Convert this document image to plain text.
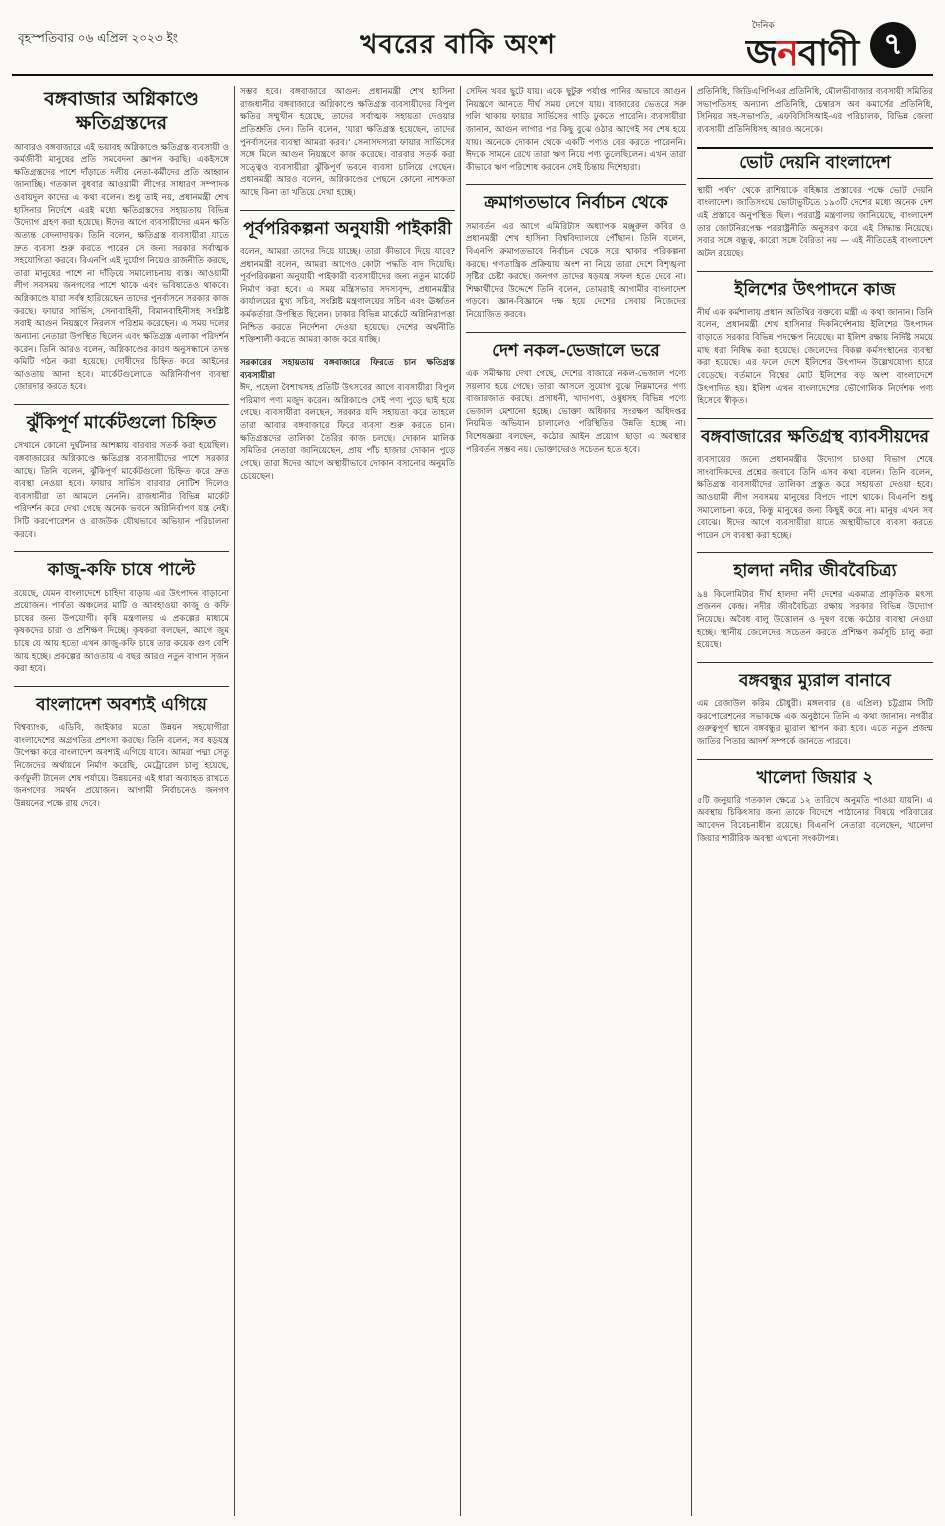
বৃহস্পতিবার ০৬ এপ্রিল ২০২৩ ইং	খবরের বাকি অংশ
দৈনিক
জনবাণী ৭
বঙ্গবাজার অগ্নিকাণ্ডে ক্ষতিগ্রস্তদের

আবারও বঙ্গবাজারে এই ভয়াবহ অগ্নিকাণ্ডে ক্ষতিগ্রস্ত ব্যবসায়ী ও কর্মজীবী মানুষের প্রতি সমবেদনা জ্ঞাপন করছি। একইসঙ্গে ক্ষতিগ্রস্তদের পাশে দাঁড়াতে দলীয় নেতা-কর্মীদের প্রতি আহ্বান জানাচ্ছি। গতকাল বুধবার আওয়ামী লীগের সাধারণ সম্পাদক ওবায়দুল কাদের এ কথা বলেন। শুধু তাই নয়, প্রধানমন্ত্রী শেখ হাসিনার নির্দেশে এরই মধ্যে ক্ষতিগ্রস্তদের সহায়তায় বিভিন্ন উদ্যোগ গ্রহণ করা হয়েছে। ঈদের আগে ব্যবসায়ীদের এমন ক্ষতি অত্যন্ত বেদনাদায়ক। তিনি বলেন, ক্ষতিগ্রস্ত ব্যবসায়ীরা যাতে দ্রুত ব্যবসা শুরু করতে পারেন সে জন্য সরকার সর্বাত্মক সহযোগিতা করবে। বিএনপি এই দুর্যোগ নিয়েও রাজনীতি করছে, তারা মানুষের পাশে না দাঁড়িয়ে সমালোচনায় ব্যস্ত। আওয়ামী লীগ সবসময় জনগণের পাশে থাকে এবং ভবিষ্যতেও থাকবে। অগ্নিকাণ্ডে যারা সর্বস্ব হারিয়েছেন তাদের পুনর্বাসনে সরকার কাজ করছে। ফায়ার সার্ভিস, সেনাবাহিনী, বিমানবাহিনীসহ সংশ্লিষ্ট সবাই আগুন নিয়ন্ত্রণে নিরলস পরিশ্রম করেছেন। এ সময় দলের অন্যান্য নেতারা উপস্থিত ছিলেন এবং ক্ষতিগ্রস্ত এলাকা পরিদর্শন করেন। তিনি আরও বলেন, অগ্নিকাণ্ডের কারণ অনুসন্ধানে তদন্ত কমিটি গঠন করা হয়েছে। দোষীদের চিহ্নিত করে আইনের আওতায় আনা হবে। মার্কেটগুলোতে অগ্নিনির্বাপণ ব্যবস্থা জোরদার করতে হবে।

ঝুঁকিপূর্ণ মার্কেটগুলো চিহ্নিত

সেখানে কোনো দুর্ঘটনার আশঙ্কায় বারবার সতর্ক করা হয়েছিল। বঙ্গবাজারের অগ্নিকাণ্ডে ক্ষতিগ্রস্ত ব্যবসায়ীদের পাশে সরকার আছে। তিনি বলেন, ঝুঁকিপূর্ণ মার্কেটগুলো চিহ্নিত করে দ্রুত ব্যবস্থা নেওয়া হবে। ফায়ার সার্ভিস বারবার নোটিশ দিলেও ব্যবসায়ীরা তা আমলে নেননি। রাজধানীর বিভিন্ন মার্কেট পরিদর্শন করে দেখা গেছে অনেক ভবনে অগ্নিনির্বাপণ যন্ত্র নেই। সিটি করপোরেশন ও রাজউক যৌথভাবে অভিযান পরিচালনা করবে।

কাজু-কফি চাষে পাল্টে

রয়েছে, যেমন বাংলাদেশে চাহিদা বাড়ায় এর উৎপাদন বাড়ানো প্রয়োজন। পার্বত্য অঞ্চলের মাটি ও আবহাওয়া কাজু ও কফি চাষের জন্য উপযোগী। কৃষি মন্ত্রণালয় এ প্রকল্পের মাধ্যমে কৃষকদের চারা ও প্রশিক্ষণ দিচ্ছে। কৃষকরা বলছেন, আগে জুম চাষে যে আয় হতো এখন কাজু-কফি চাষে তার কয়েক গুণ বেশি আয় হচ্ছে। প্রকল্পের আওতায় এ বছর আরও নতুন বাগান সৃজন করা হবে।

বাংলাদেশ অবশ্যই এগিয়ে

বিশ্বব্যাংক, এডিবি, জাইকার মতো উন্নয়ন সহযোগীরা বাংলাদেশের অগ্রগতির প্রশংসা করছে। তিনি বলেন, সব ষড়যন্ত্র উপেক্ষা করে বাংলাদেশ অবশ্যই এগিয়ে যাবে। আমরা পদ্মা সেতু নিজেদের অর্থায়নে নির্মাণ করেছি, মেট্রোরেল চালু হয়েছে, কর্ণফুলী টানেল শেষ পর্যায়ে। উন্নয়নের এই ধারা অব্যাহত রাখতে জনগণের সমর্থন প্রয়োজন। আগামী নির্বাচনেও জনগণ উন্নয়নের পক্ষে রায় দেবে।

সম্ভব হবে। বঙ্গবাজারে আগুন: প্রধানমন্ত্রী শেখ হাসিনা রাজধানীর বঙ্গবাজারে অগ্নিকাণ্ডে ক্ষতিগ্রস্ত ব্যবসায়ীদের বিপুল ক্ষতির সম্মুখীন হয়েছে, তাদের সর্বাত্মক সহায়তা দেওয়ার প্রতিশ্রুতি দেন। তিনি বলেন, ‘যারা ক্ষতিগ্রস্ত হয়েছেন, তাদের পুনর্বাসনের ব্যবস্থা আমরা করব।’ সেনাসদস্যরা ফায়ার সার্ভিসের সঙ্গে মিলে আগুন নিয়ন্ত্রণে কাজ করেছে। বারবার সতর্ক করা সত্ত্বেও ব্যবসায়ীরা ঝুঁকিপূর্ণ ভবনে ব্যবসা চালিয়ে গেছেন। প্রধানমন্ত্রী আরও বলেন, অগ্নিকাণ্ডের পেছনে কোনো নাশকতা আছে কিনা তা খতিয়ে দেখা হচ্ছে।

পূর্বপরিকল্পনা অনুযায়ী পাইকারী

বলেন, আমরা তাদের দিয়ে যাচ্ছে। তারা কীভাবে দিয়ে যাবে? প্রধানমন্ত্রী বলেন, আমরা আগেও কোটা পদ্ধতি বাদ দিয়েছি। পূর্বপরিকল্পনা অনুযায়ী পাইকারী ব্যবসায়ীদের জন্য নতুন মার্কেট নির্মাণ করা হবে। এ সময় মন্ত্রিসভার সদস্যবৃন্দ, প্রধানমন্ত্রীর কার্যালয়ের মুখ্য সচিব, সংশ্লিষ্ট মন্ত্রণালয়ের সচিব এবং ঊর্ধ্বতন কর্মকর্তারা উপস্থিত ছিলেন। ঢাকার বিভিন্ন মার্কেটে অগ্নিনিরাপত্তা নিশ্চিত করতে নির্দেশনা দেওয়া হয়েছে। দেশের অর্থনীতি শক্তিশালী করতে আমরা কাজ করে যাচ্ছি।

সরকারের সহায়তায় বঙ্গবাজারে ফিরতে চান ক্ষতিগ্রস্ত ব্যবসায়ীরা

ঈদ, পহেলা বৈশাখসহ প্রতিটি উৎসবের আগে ব্যবসায়ীরা বিপুল পরিমাণ পণ্য মজুদ করেন। অগ্নিকাণ্ডে সেই পণ্য পুড়ে ছাই হয়ে গেছে। ব্যবসায়ীরা বলছেন, সরকার যদি সহায়তা করে তাহলে তারা আবার বঙ্গবাজারে ফিরে ব্যবসা শুরু করতে চান। ক্ষতিগ্রস্তদের তালিকা তৈরির কাজ চলছে। দোকান মালিক সমিতির নেতারা জানিয়েছেন, প্রায় পাঁচ হাজার দোকান পুড়ে গেছে। তারা ঈদের আগে অস্থায়ীভাবে দোকান বসানোর অনুমতি চেয়েছেন।

সেদিন খবর ছুটে যায়। একে ছুটুরু পর্যাপ্ত পানির অভাবে আগুন নিয়ন্ত্রণে আনতে দীর্ঘ সময় লেগে যায়। বাজারের ভেতরে সরু গলি থাকায় ফায়ার সার্ভিসের গাড়ি ঢুকতে পারেনি। ব্যবসায়ীরা জানান, আগুন লাগার পর কিছু বুঝে ওঠার আগেই সব শেষ হয়ে যায়। অনেকে দোকান থেকে একটি পণ্যও বের করতে পারেননি। ঈদকে সামনে রেখে তারা ঋণ নিয়ে পণ্য তুলেছিলেন। এখন তারা কীভাবে ঋণ পরিশোধ করবেন সেই চিন্তায় দিশেহারা।

ক্রমাগতভাবে নির্বাচন থেকে

সমাবর্তন এর আগে এমিরিটাস অধ্যাপক মঞ্জুরুল কবির ও প্রধানমন্ত্রী শেখ হাসিনা বিশ্ববিদ্যালয়ে পৌঁছান। তিনি বলেন, বিএনপি ক্রমাগতভাবে নির্বাচন থেকে সরে থাকার পরিকল্পনা করছে। গণতান্ত্রিক প্রক্রিয়ায় অংশ না নিয়ে তারা দেশে বিশৃঙ্খলা সৃষ্টির চেষ্টা করছে। জনগণ তাদের ষড়যন্ত্র সফল হতে দেবে না। শিক্ষার্থীদের উদ্দেশে তিনি বলেন, তোমরাই আগামীর বাংলাদেশ গড়বে। জ্ঞান-বিজ্ঞানে দক্ষ হয়ে দেশের সেবায় নিজেদের নিয়োজিত করবে।

দেশ নকল-ভেজালে ভরে

এক সমীক্ষায় দেখা গেছে, দেশের বাজারে নকল-ভেজাল পণ্যে সয়লাব হয়ে গেছে। তারা আসলে সুযোগ বুঝে নিম্নমানের পণ্য বাজারজাত করছে। প্রসাধনী, খাদ্যপণ্য, ওষুধসহ বিভিন্ন পণ্যে ভেজাল মেশানো হচ্ছে। ভোক্তা অধিকার সংরক্ষণ অধিদপ্তর নিয়মিত অভিযান চালালেও পরিস্থিতির উন্নতি হচ্ছে না। বিশেষজ্ঞরা বলছেন, কঠোর আইন প্রয়োগ ছাড়া এ অবস্থার পরিবর্তন সম্ভব নয়। ভোক্তাদেরও সচেতন হতে হবে।

প্রতিনিধি, জিডিএপিপিএর প্রতিনিধি, মৌলভীবাজার ব্যবসায়ী সমিতির সভাপতিসহ অন্যান্য প্রতিনিধি, চেম্বারস অব কমার্সের প্রতিনিধি, সিনিয়র সহ-সভাপতি, এফবিসিসিআই-এর পরিচালক, বিভিন্ন জেলা ব্যবসায়ী প্রতিনিধিসহ আরও অনেকে।

ভোট দেয়নি বাংলাদেশ

স্থায়ী পর্ষদ’ থেকে রাশিয়াকে বহিষ্কার প্রস্তাবের পক্ষে ভোট দেয়নি বাংলাদেশ। জাতিসংঘে ভোটাভুটিতে ১৯৩টি দেশের মধ্যে অনেক দেশ এই প্রস্তাবে অনুপস্থিত ছিল। পররাষ্ট্র মন্ত্রণালয় জানিয়েছে, বাংলাদেশ তার জোটনিরপেক্ষ পররাষ্ট্রনীতি অনুসরণ করে এই সিদ্ধান্ত নিয়েছে। সবার সঙ্গে বন্ধুত্ব, কারো সঙ্গে বৈরিতা নয় — এই নীতিতেই বাংলাদেশ অটল রয়েছে।

ইলিশের উৎপাদনে কাজ

নীর্ঘ এক কর্মশালায় প্রধান অতিথির বক্তব্যে মন্ত্রী এ কথা জানান। তিনি বলেন, প্রধানমন্ত্রী শেখ হাসিনার দিকনির্দেশনায় ইলিশের উৎপাদন বাড়াতে সরকার বিভিন্ন পদক্ষেপ নিয়েছে। মা ইলিশ রক্ষায় নির্দিষ্ট সময়ে মাছ ধরা নিষিদ্ধ করা হয়েছে। জেলেদের বিকল্প কর্মসংস্থানের ব্যবস্থা করা হয়েছে। এর ফলে দেশে ইলিশের উৎপাদন উল্লেখযোগ্য হারে বেড়েছে। বর্তমানে বিশ্বের মোট ইলিশের বড় অংশ বাংলাদেশে উৎপাদিত হয়। ইলিশ এখন বাংলাদেশের ভৌগোলিক নির্দেশক পণ্য হিসেবে স্বীকৃত।

বঙ্গবাজারের ক্ষতিগ্রস্থ ব্যাবসীয়দের

ব্যবসায়ের জন্যে প্রধানমন্ত্রীর উদ্যোগ চাওয়া বিভাগ শেষে সাংবাদিকদের প্রশ্নের জবাবে তিনি এসব কথা বলেন। তিনি বলেন, ক্ষতিগ্রস্ত ব্যবসায়ীদের তালিকা প্রস্তুত করে সহায়তা দেওয়া হবে। আওয়ামী লীগ সবসময় মানুষের বিপদে পাশে থাকে। বিএনপি শুধু সমালোচনা করে, কিন্তু মানুষের জন্য কিছুই করে না। মানুষ এখন সব বোঝে। ঈদের আগে ব্যবসায়ীরা যাতে অস্থায়ীভাবে ব্যবসা করতে পারেন সে ব্যবস্থা করা হচ্ছে।

হালদা নদীর জীববৈচিত্র্য

৯৪ কিলোমিটার দীর্ঘ হালদা নদী দেশের একমাত্র প্রাকৃতিক মৎস্য প্রজনন কেন্দ্র। নদীর জীববৈচিত্র্য রক্ষায় সরকার বিভিন্ন উদ্যোগ নিয়েছে। অবৈধ বালু উত্তোলন ও দূষণ বন্ধে কঠোর ব্যবস্থা নেওয়া হচ্ছে। স্থানীয় জেলেদের সচেতন করতে প্রশিক্ষণ কর্মসূচি চালু করা হয়েছে।

বঙ্গবন্ধুর ম্যুরাল বানাবে

এম রেজাউল করিম চৌধুরী। মঙ্গলবার (৪ এপ্রিল) চট্টগ্রাম সিটি করপোরেশনের সভাকক্ষে এক অনুষ্ঠানে তিনি এ কথা জানান। নগরীর গুরুত্বপূর্ণ স্থানে বঙ্গবন্ধুর ম্যুরাল স্থাপন করা হবে। এতে নতুন প্রজন্ম জাতির পিতার আদর্শ সম্পর্কে জানতে পারবে।

খালেদা জিয়ার ২

৫টি জনুয়ারি গতকাল ক্ষেত্রে ১২ তারিখে অনুমতি পাওয়া যায়নি। এ অবস্থায় চিকিৎসার জন্য তাকে বিদেশে পাঠানোর বিষয়ে পরিবারের আবেদন বিবেচনাধীন রয়েছে। বিএনপি নেতারা বলেছেন, খালেদা জিয়ার শারীরিক অবস্থা এখনো সংকটাপন্ন।
